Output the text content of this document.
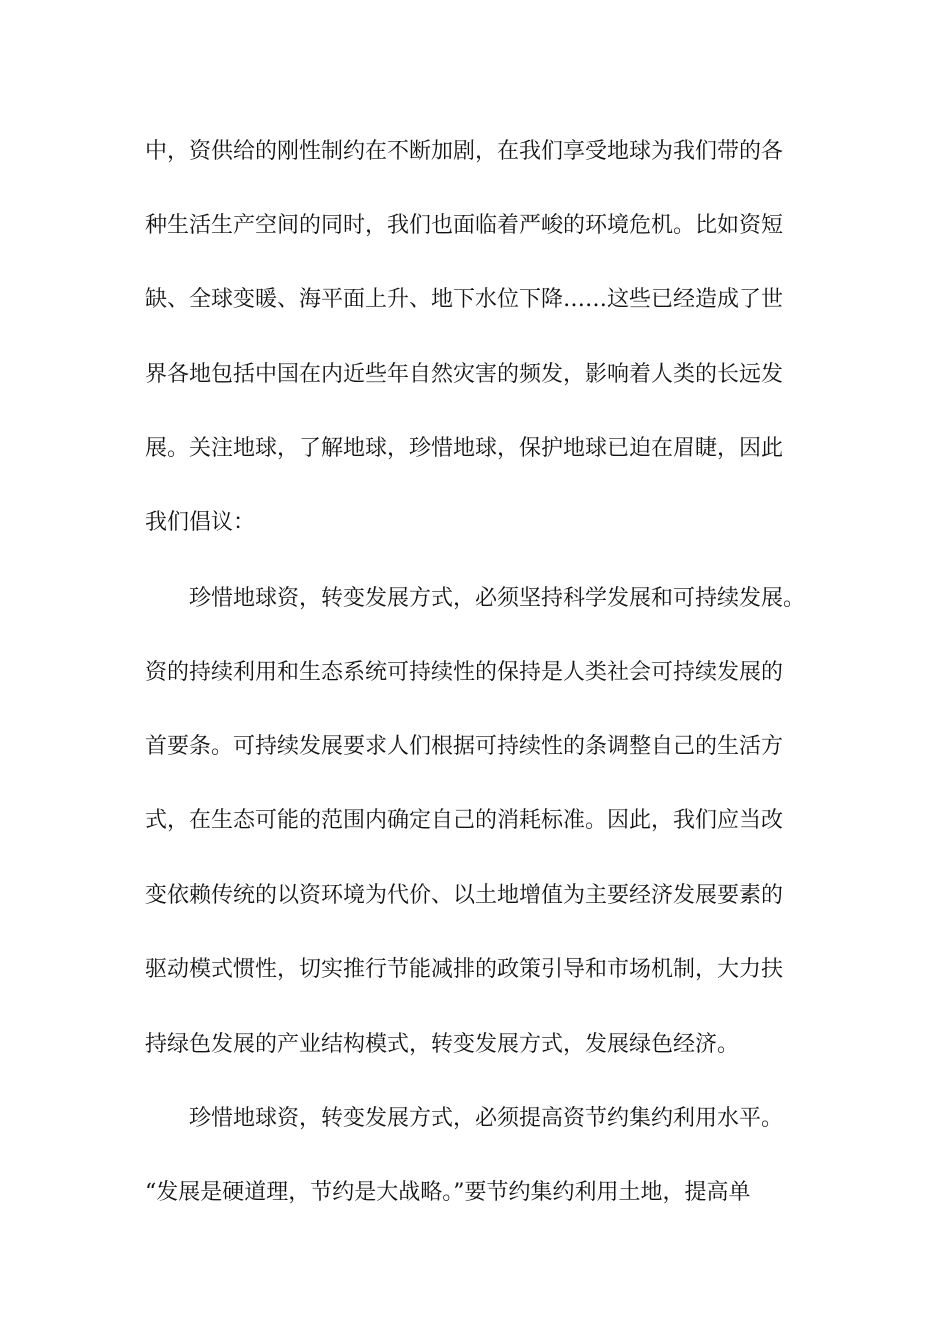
中，资供给的刚性制约在不断加剧，在我们享受地球为我们带的各
种生活生产空间的同时，我们也面临着严峻的环境危机。比如资短
缺、全球变暖、海平面上升、地下水位下降……这些已经造成了世
界各地包括中国在内近些年自然灾害的频发，影响着人类的长远发
展。关注地球，了解地球，珍惜地球，保护地球已迫在眉睫，因此
我们倡议：
珍惜地球资，转变发展方式，必须坚持科学发展和可持续发展。
资的持续利用和生态系统可持续性的保持是人类社会可持续发展的
首要条。可持续发展要求人们根据可持续性的条调整自己的生活方
式，在生态可能的范围内确定自己的消耗标准。因此，我们应当改
变依赖传统的以资环境为代价、以土地增值为主要经济发展要素的
驱动模式惯性，切实推行节能减排的政策引导和市场机制，大力扶
持绿色发展的产业结构模式，转变发展方式，发展绿色经济。
珍惜地球资，转变发展方式，必须提高资节约集约利用水平。
“发展是硬道理，节约是大战略。”要节约集约利用土地，提高单
